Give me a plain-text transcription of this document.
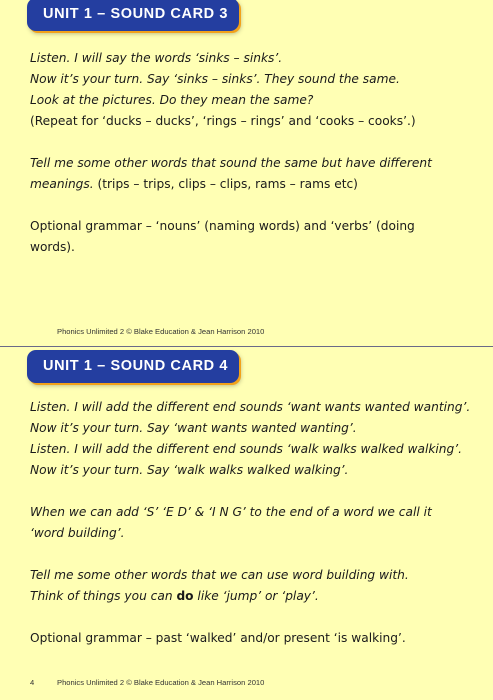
UNIT 1 – SOUND CARD 3

Listen. I will say the words ‘sinks – sinks’.

Now it’s your turn. Say ‘sinks – sinks’. They sound the same.

Look at the pictures. Do they mean the same?

(Repeat for ‘ducks – ducks’, ‘rings – rings’ and ‘cooks – cooks’.)

Tell me some other words that sound the same but have different

meanings. (trips – trips, clips – clips, rams – rams etc)

Optional grammar – ‘nouns’ (naming words) and ‘verbs’ (doing

words).

Phonics Unlimited 2 © Blake Education & Jean Harrison 2010
UNIT 1 – SOUND CARD 4

Listen. I will add the different end sounds ‘want wants wanted wanting’.

Now it’s your turn. Say ‘want wants wanted wanting’.

Listen. I will add the different end sounds ‘walk walks walked walking’.

Now it’s your turn. Say ‘walk walks walked walking’.

When we can add ‘S’ ‘E D’ & ‘I N G’ to the end of a word we call it

‘word building’.

Tell me some other words that we can use word building with.

Think of things you can do like ‘jump’ or ‘play’.

Optional grammar – past ‘walked’ and/or present ‘is walking’.

4	Phonics Unlimited 2 © Blake Education & Jean Harrison 2010
